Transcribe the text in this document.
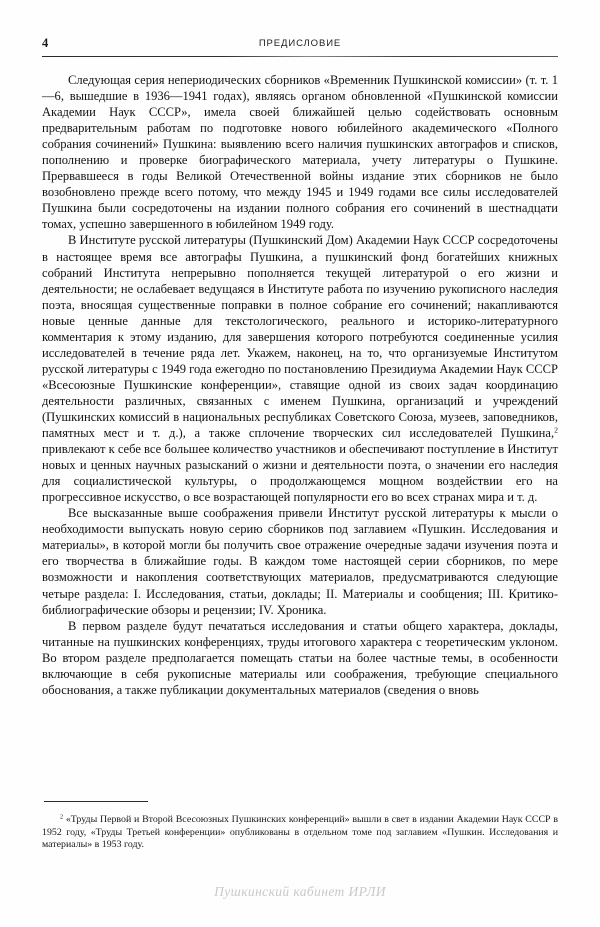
4	ПРЕДИСЛОВИЕ

Следующая серия непериодических сборников «Временник Пушкинской комиссии» (т. т. 1—6, вышедшие в 1936—1941 годах), являясь органом обновленной «Пушкинской комиссии Академии Наук СССР», имела своей ближайшей целью содействовать основным предварительным работам по подготовке нового юбилейного академического «Полного собрания сочинений» Пушкина: выявлению всего наличия пушкинских автографов и списков, пополнению и проверке биографического материала, учету литературы о Пушкине. Прервавшееся в годы Великой Отечественной войны издание этих сборников не было возобновлено прежде всего потому, что между 1945 и 1949 годами все силы исследователей Пушкина были сосредоточены на издании полного собрания его сочинений в шестнадцати томах, успешно завершенного в юбилейном 1949 году.

В Институте русской литературы (Пушкинский Дом) Академии Наук СССР сосредоточены в настоящее время все автографы Пушкина, а пушкинский фонд богатейших книжных собраний Института непрерывно пополняется текущей литературой о его жизни и деятельности; не ослабевает ведущаяся в Институте работа по изучению рукописного наследия поэта, вносящая существенные поправки в полное собрание его сочинений; накапливаются новые ценные данные для текстологического, реального и историко-литературного комментария к этому изданию, для завершения которого потребуются соединенные усилия исследователей в течение ряда лет. Укажем, наконец, на то, что организуемые Институтом русской литературы с 1949 года ежегодно по постановлению Президиума Академии Наук СССР «Всесоюзные Пушкинские конференции», ставящие одной из своих задач координацию деятельности различных, связанных с именем Пушкина, организаций и учреждений (Пушкинских комиссий в национальных республиках Советского Союза, музеев, заповедников, памятных мест и т. д.), а также сплочение творческих сил исследователей Пушкина,$^2$ привлекают к себе все большее количество участников и обеспечивают поступление в Институт новых и ценных научных разысканий о жизни и деятельности поэта, о значении его наследия для социалистической культуры, о продолжающемся мощном воздействии его на прогрессивное искусство, о все возрастающей популярности его во всех странах мира и т. д.

Все высказанные выше соображения привели Институт русской литературы к мысли о необходимости выпускать новую серию сборников под заглавием «Пушкин. Исследования и материалы», в которой могли бы получить свое отражение очередные задачи изучения поэта и его творчества в ближайшие годы. В каждом томе настоящей серии сборников, по мере возможности и накопления соответствующих материалов, предусматриваются следующие четыре раздела: I. Исследования, статьи, доклады; II. Материалы и сообщения; III. Критико-библиографические обзоры и рецензии; IV. Хроника.

В первом разделе будут печататься исследования и статьи общего характера, доклады, читанные на пушкинских конференциях, труды итогового характера с теоретическим уклоном. Во втором разделе предполагается помещать статьи на более частные темы, в особенности включающие в себя рукописные материалы или соображения, требующие специального обоснования, а также публикации документальных материалов (сведения о вновь

$^2$ «Труды Первой и Второй Всесоюзных Пушкинских конференций» вышли в свет в издании Академии Наук СССР в 1952 году, «Труды Третьей конференции» опубликованы в отдельном томе под заглавием «Пушкин. Исследования и материалы» в 1953 году.

Пушкинский кабинет ИРЛИ
